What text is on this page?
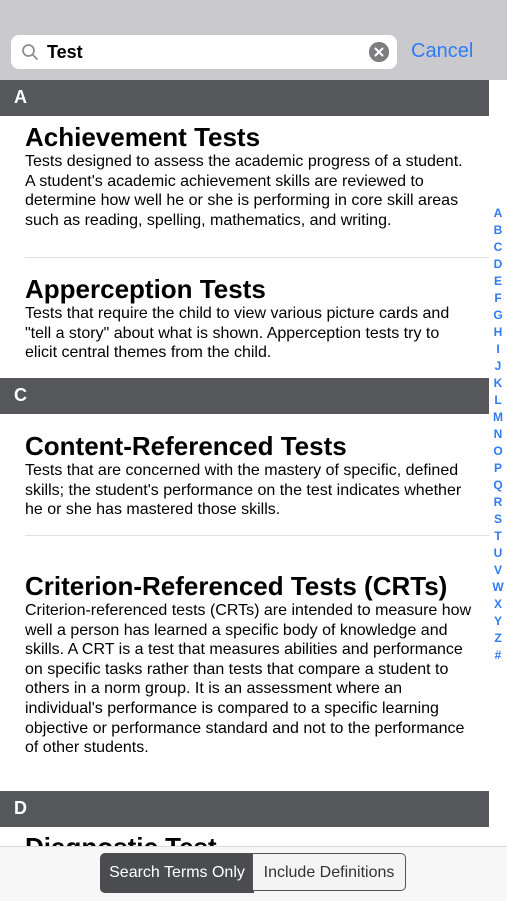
Test
Cancel
A

Achievement Tests

Tests designed to assess the academic progress of a student. A student's academic achievement skills are reviewed to determine how well he or she is performing in core skill areas such as reading, spelling, mathematics, and writing.

Apperception Tests

Tests that require the child to view various picture cards and "tell a story" about what is shown. Apperception tests try to elicit central themes from the child.

C

Content-Referenced Tests

Tests that are concerned with the mastery of specific, defined skills; the student's performance on the test indicates whether he or she has mastered those skills.

Criterion-Referenced Tests (CRTs)

Criterion-referenced tests (CRTs) are intended to measure how well a person has learned a specific body of knowledge and skills. A CRT is a test that measures abilities and performance on specific tasks rather than tests that compare a student to others in a norm group. It is an assessment where an individual's performance is compared to a specific learning objective or performance standard and not to the performance of other students.

D

A
B
C
D
E
F
G
H
I
J
K
L
M
N
O
P
Q
R
S
T
U
V
W
X
Y
Z
#
Search Terms Only	Include Definitions
